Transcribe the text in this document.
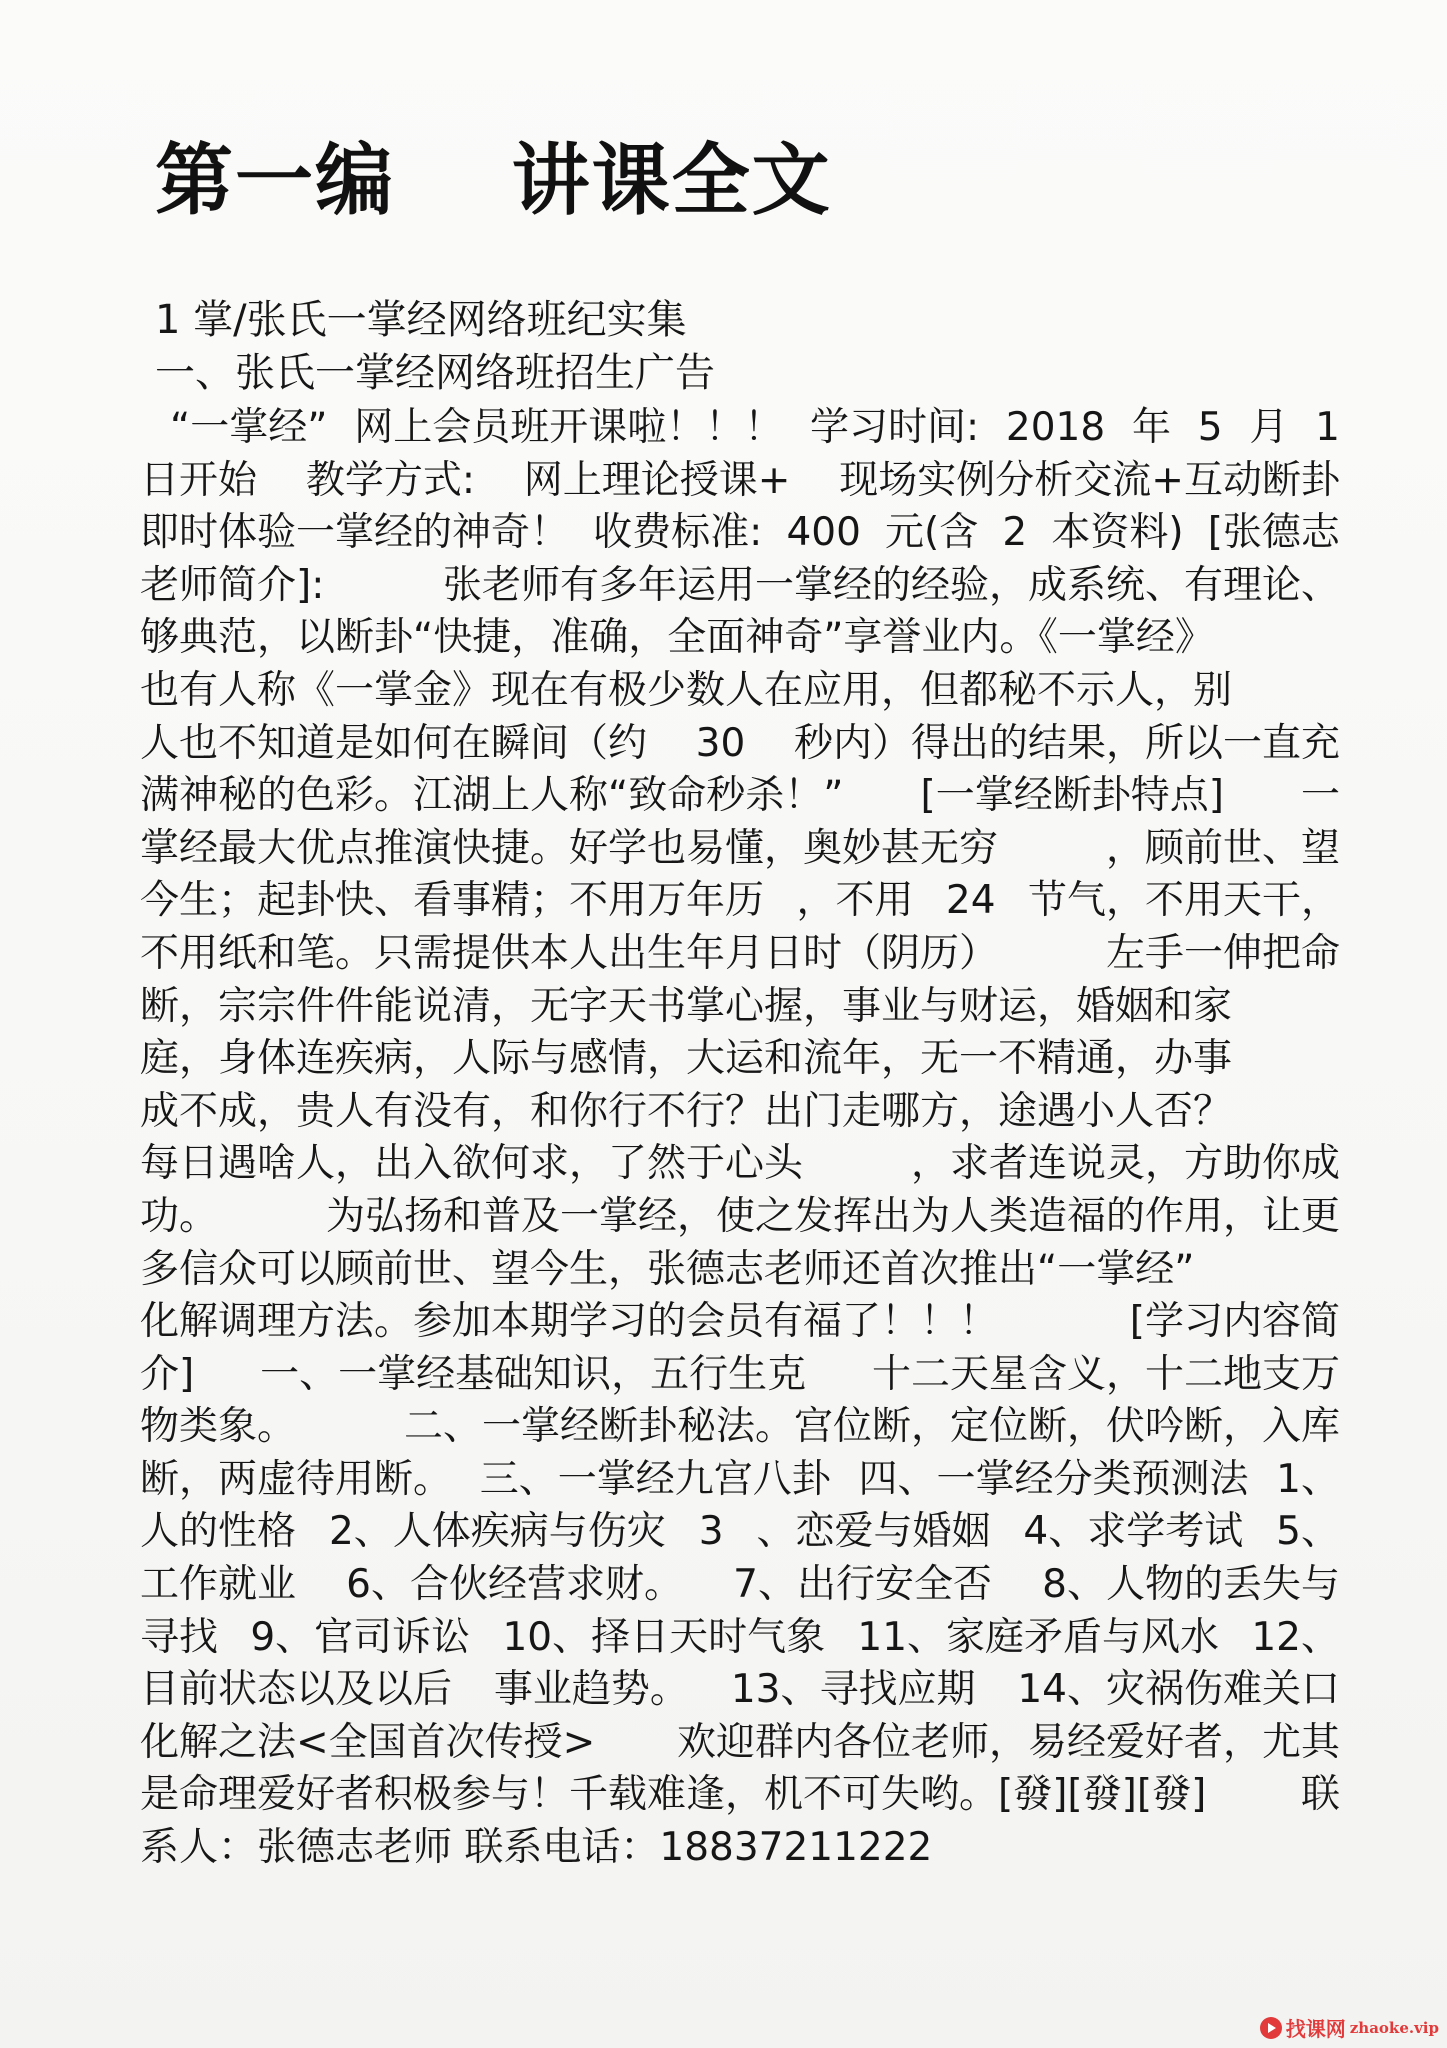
第一编    讲课全文
1 掌/张氏一掌经网络班纪实集
一、张氏一掌经网络班招生广告
“一掌经” 网上会员班开课啦！！！ 学习时间: 2018 年 5 月 1
日开始 教学方式: 网上理论授课+ 现场实例分析交流+互动断卦
即时体验一掌经的神奇！ 收费标准: 400 元(含 2 本资料) [张德志
老师简介]:	张老师有多年运用一掌经的经验，成系统、有理论、
够典范，以断卦“快捷，准确，全面神奇”享誉业内。《一掌经》
也有人称《一掌金》现在有极少数人在应用，但都秘不示人，别
人也不知道是如何在瞬间（约 30 秒内）得出的结果，所以一直充
满神秘的色彩。江湖上人称“致命秒杀！” [一掌经断卦特点] 一
掌经最大优点推演快捷。好学也易懂，奥妙甚无穷	，顾前世、望
今生；起卦快、看事精；不用万年历 ，不用 24 节气，不用天干，
不用纸和笔。只需提供本人出生年月日时（阴历）	左手一伸把命
断，宗宗件件能说清，无字天书掌心握，事业与财运，婚姻和家
庭，身体连疾病，人际与感情，大运和流年，无一不精通，办事
成不成，贵人有没有，和你行不行？出门走哪方，途遇小人否？
每日遇啥人，出入欲何求，了然于心头	，求者连说灵，方助你成
功。	为弘扬和普及一掌经，使之发挥出为人类造福的作用，让更
多信众可以顾前世、望今生，张德志老师还首次推出“一掌经”
化解调理方法。参加本期学习的会员有福了！！！	[学习内容简
介] 一、一掌经基础知识，五行生克 十二天星含义，十二地支万
物类象。	二、一掌经断卦秘法。宫位断，定位断，伏吟断，入库
断，两虚待用断。 三、一掌经九宫八卦 四、一掌经分类预测法 1、
人的性格 2、人体疾病与伤灾 3 、恋爱与婚姻 4、求学考试 5、
工作就业 6、合伙经营求财。 7、出行安全否 8、人物的丢失与
寻找 9、官司诉讼 10、择日天时气象 11、家庭矛盾与风水 12、
目前状态以及以后 事业趋势。 13、寻找应期 14、灾祸伤难关口
化解之法<全国首次传授> 欢迎群内各位老师，易经爱好者，尤其
是命理爱好者积极参与！千载难逢，机不可失哟。[發][發][發] 联
系人：张德志老师 联系电话：18837211222
找课网 zhaoke.vip
